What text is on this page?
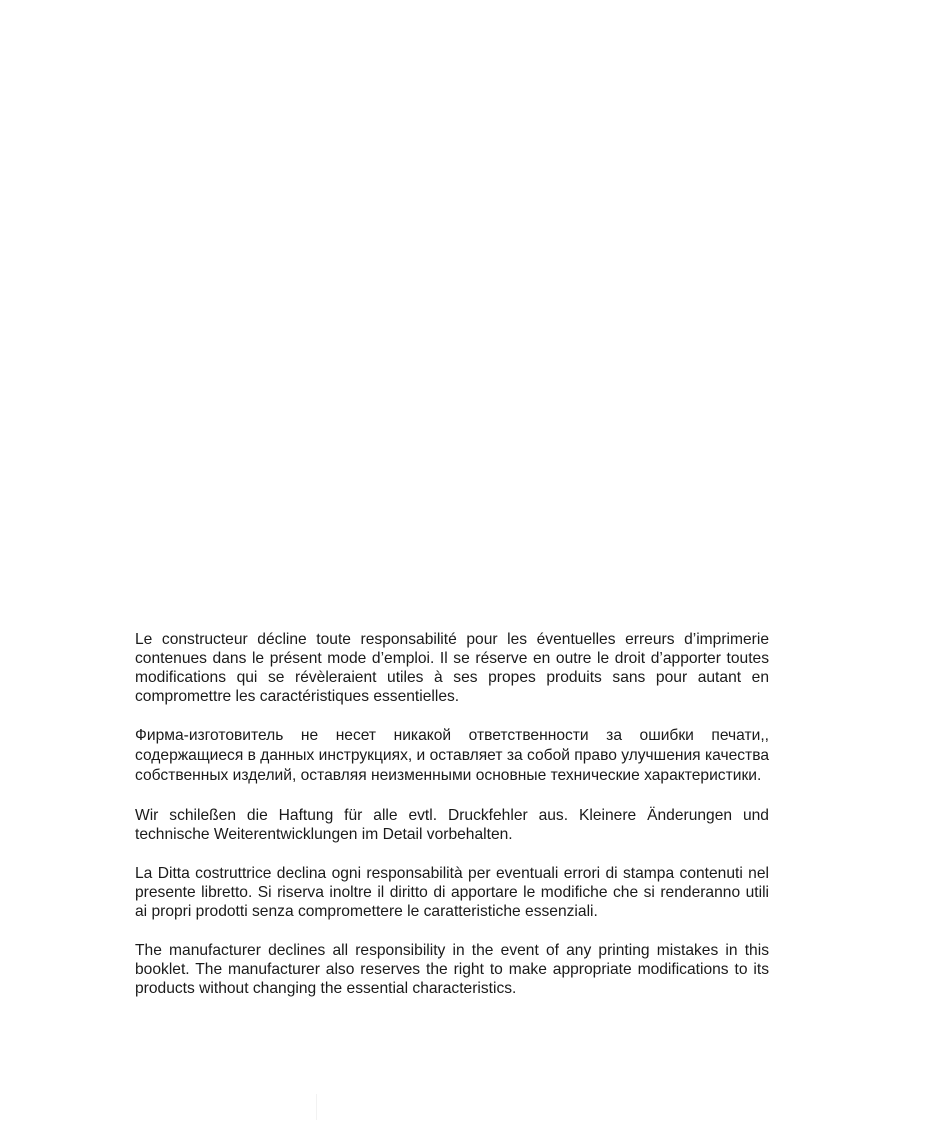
Le constructeur décline toute responsabilité pour les éventuelles erreurs d’imprimerie contenues dans le présent mode d’emploi. Il se réserve en outre le droit d’apporter toutes modifications qui se révèleraient utiles à ses propes produits sans pour autant en compromettre les caractéristiques essentielles.

Фирма-изготовитель не несет никакой ответственности за ошибки печати,, содержащиеся в данных инструкциях, и оставляет за собой право улучшения качества собственных изделий, оставляя неизменными основные технические характеристики.

Wir schileßen die Haftung für alle evtl. Druckfehler aus. Kleinere Änderungen und technische Weiterentwicklungen im Detail vorbehalten.

La Ditta costruttrice declina ogni responsabilità per eventuali errori di stampa contenuti nel presente libretto. Si riserva inoltre il diritto di apportare le modifiche che si renderanno utili ai propri prodotti senza compromettere le caratteristiche essenziali.

The manufacturer declines all responsibility in the event of any printing mistakes in this booklet. The manufacturer also reserves the right to make appropriate modifications to its products without changing the essential characteristics.
